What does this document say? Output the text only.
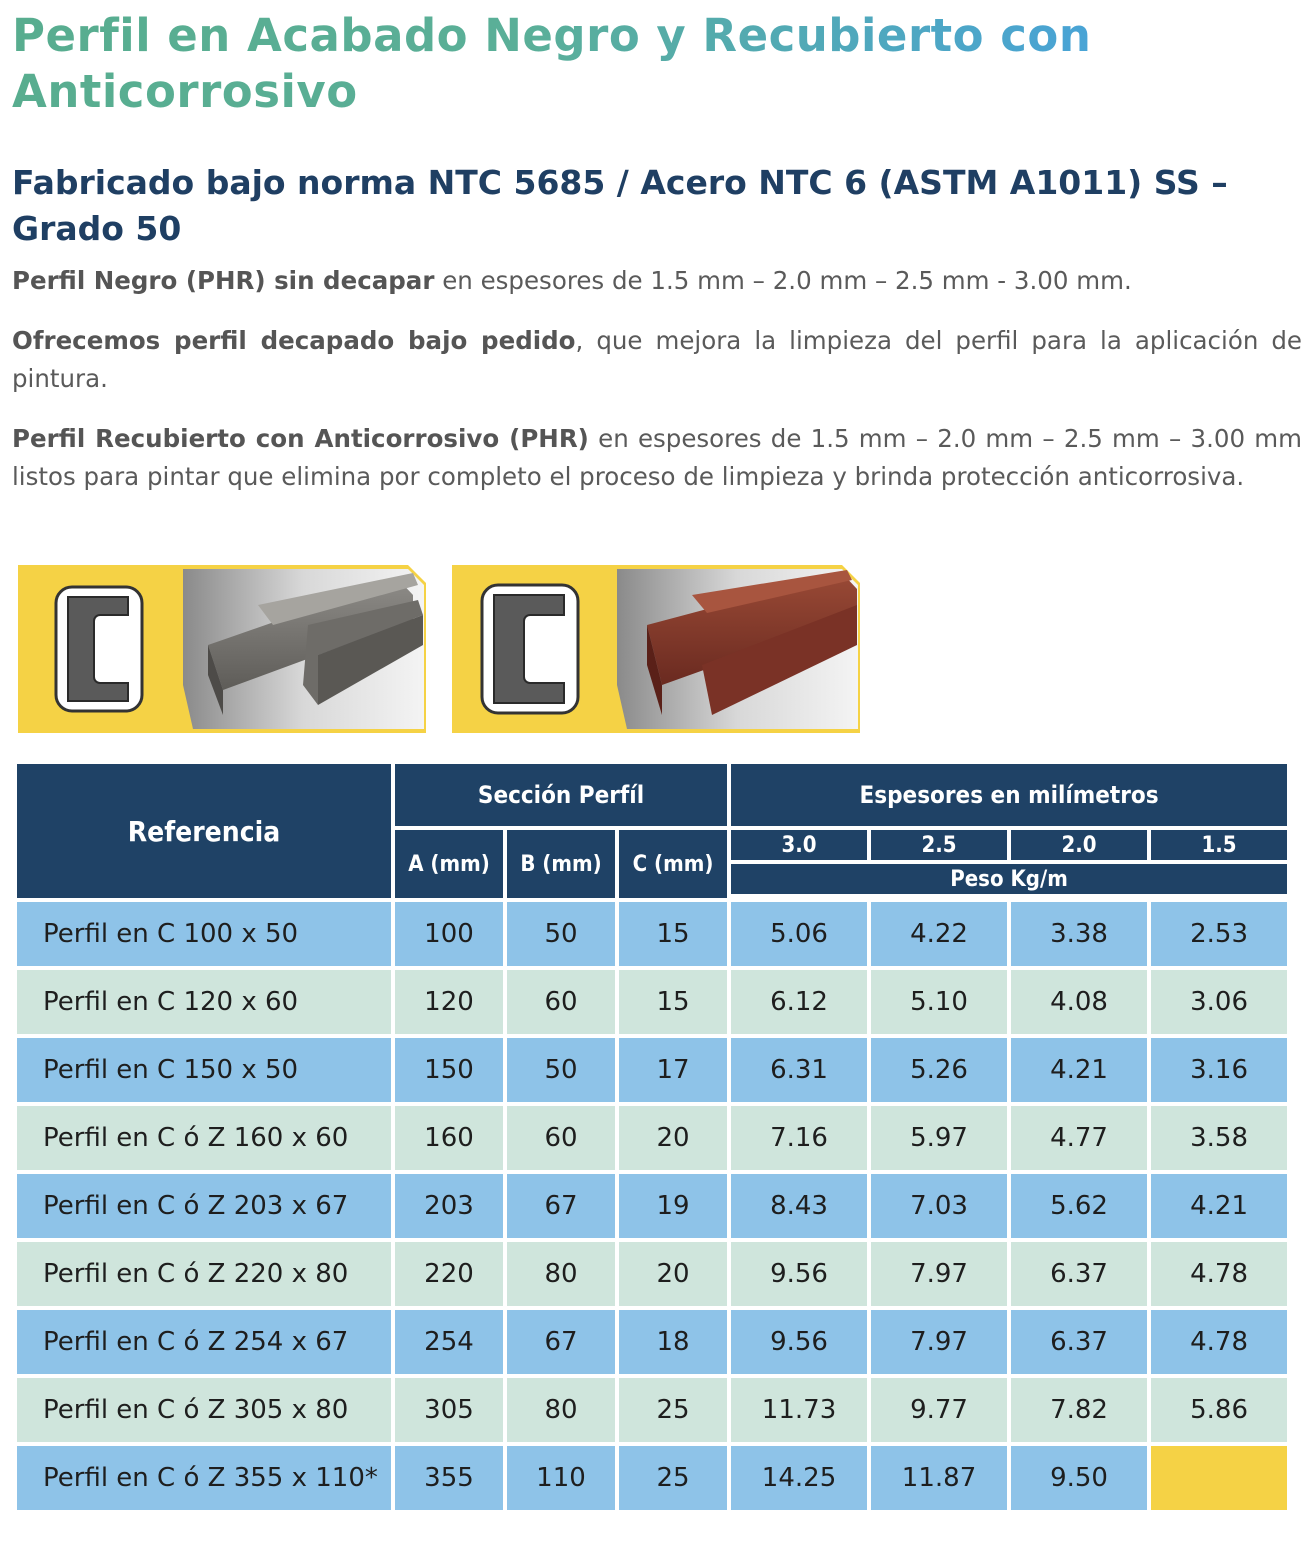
Perfil en Acabado Negro y Recubierto con Anticorrosivo
Fabricado bajo norma NTC 5685 / Acero NTC 6 (ASTM A1011) SS – Grado 50
Perfil Negro (PHR) sin decapar en espesores de 1.5 mm – 2.0 mm – 2.5 mm - 3.00 mm.
Ofrecemos perfil decapado bajo pedido, que mejora la limpieza del perfil para la aplicación de pintura.
Perfil Recubierto con Anticorrosivo (PHR) en espesores de 1.5 mm – 2.0 mm – 2.5 mm – 3.00 mm listos para pintar que elimina por completo el proceso de limpieza y brinda protección anticorrosiva.
Referencia	Sección Perfíl			Espesores en milímetros			
	A (mm)	B (mm)	C (mm)	3.0	2.5	2.0	1.5
				Peso Kg/m			

Perfil en C 100 x 50	100	50	15	5.06	4.22	3.38	2.53
Perfil en C 120 x 60	120	60	15	6.12	5.10	4.08	3.06
Perfil en C 150 x 50	150	50	17	6.31	5.26	4.21	3.16
Perfil en C ó Z 160 x 60	160	60	20	7.16	5.97	4.77	3.58
Perfil en C ó Z 203 x 67	203	67	19	8.43	7.03	5.62	4.21
Perfil en C ó Z 220 x 80	220	80	20	9.56	7.97	6.37	4.78
Perfil en C ó Z 254 x 67	254	67	18	9.56	7.97	6.37	4.78
Perfil en C ó Z 305 x 80	305	80	25	11.73	9.77	7.82	5.86
Perfil en C ó Z 355 x 110*	355	110	25	14.25	11.87	9.50	
